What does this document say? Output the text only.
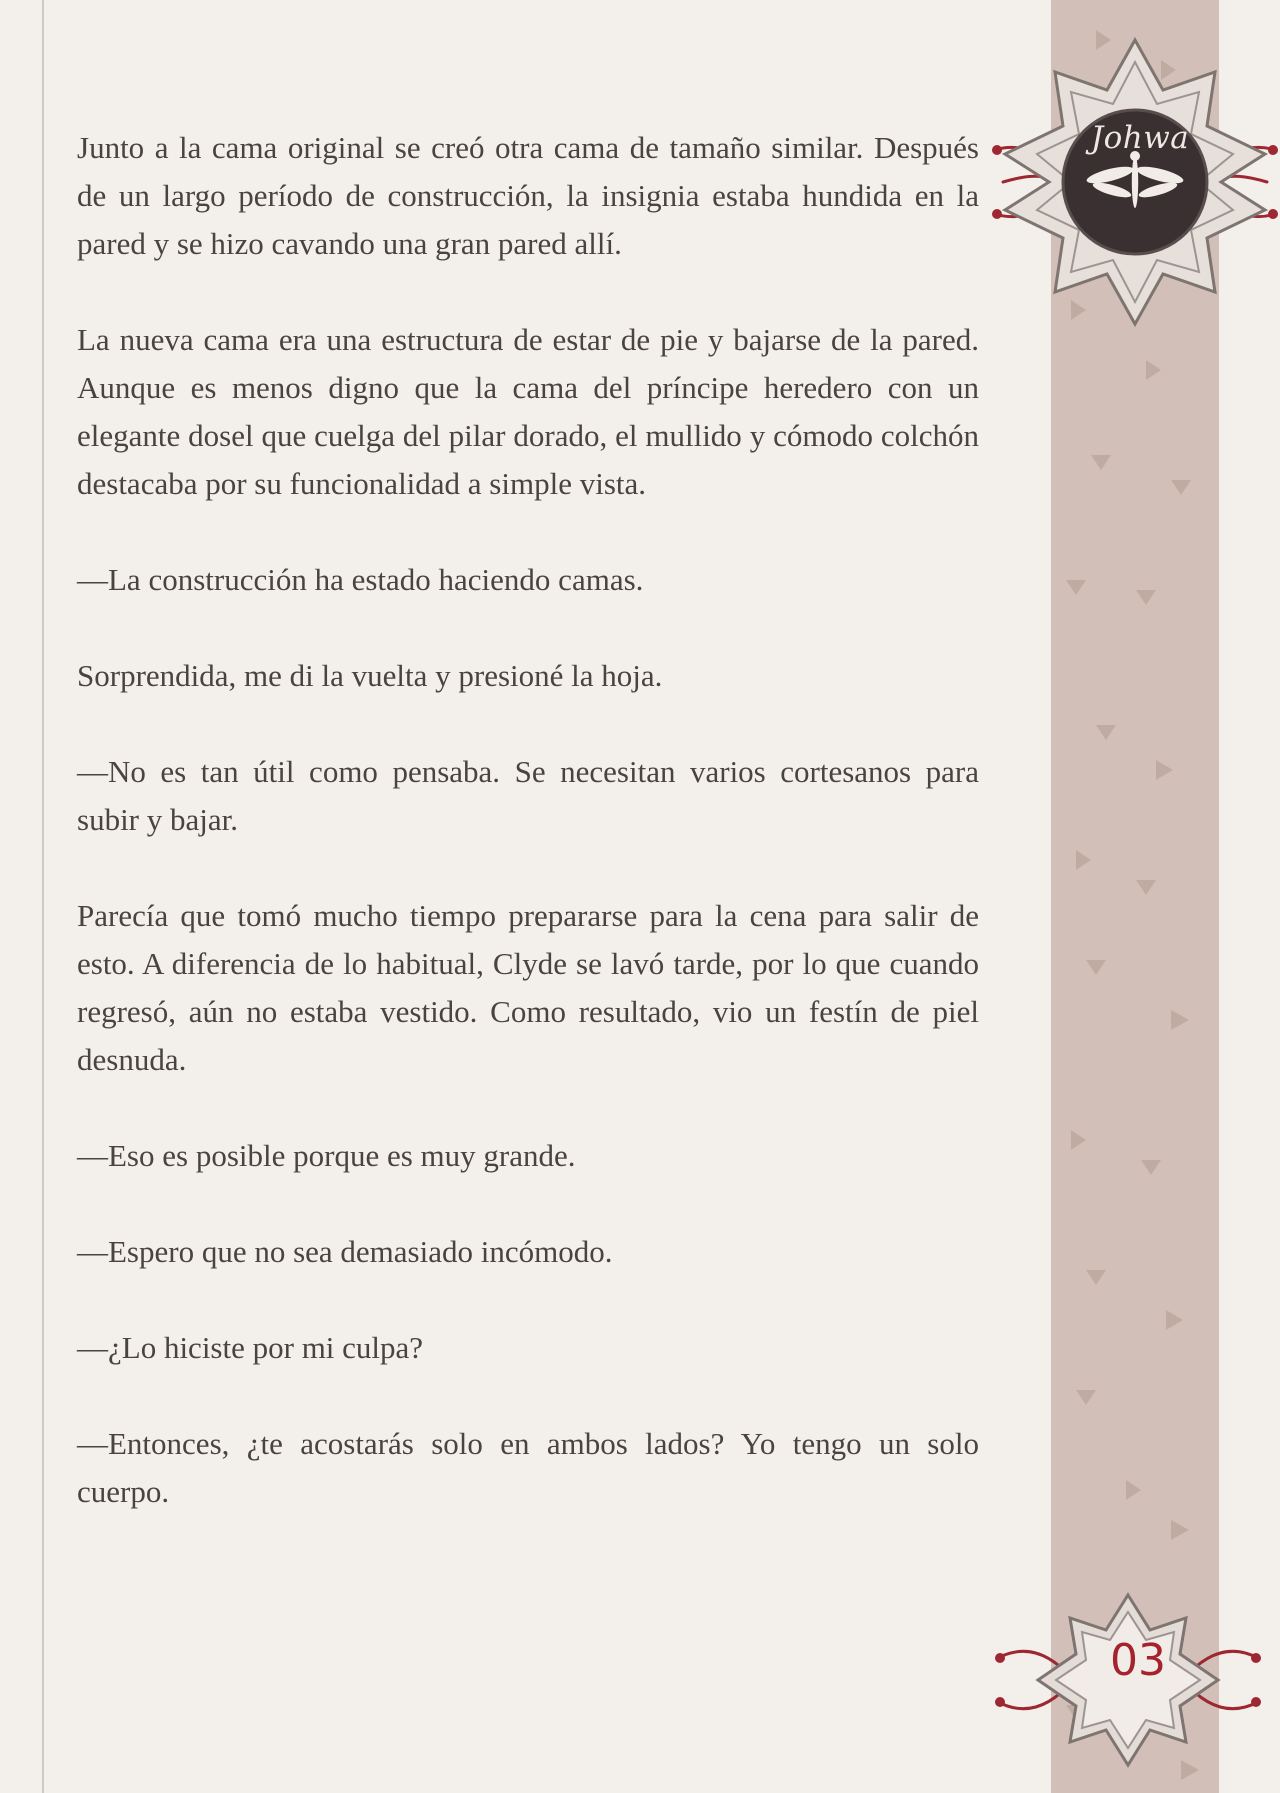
Junto a la cama original se creó otra cama de tamaño similar. Después de un largo período de construcción, la insignia estaba hundida en la pared y se hizo cavando una gran pared allí.

La nueva cama era una estructura de estar de pie y bajarse de la pared. Aunque es menos digno que la cama del príncipe heredero con un elegante dosel que cuelga del pilar dorado, el mullido y cómodo colchón destacaba por su funcionalidad a simple vista.

—La construcción ha estado haciendo camas.

Sorprendida, me di la vuelta y presioné la hoja.

—No es tan útil como pensaba. Se necesitan varios cortesanos para subir y bajar.

Parecía que tomó mucho tiempo prepararse para la cena para salir de esto. A diferencia de lo habitual, Clyde se lavó tarde, por lo que cuando regresó, aún no estaba vestido. Como resultado, vio un festín de piel desnuda.

—Eso es posible porque es muy grande.

—Espero que no sea demasiado incómodo.

—¿Lo hiciste por mi culpa?

—Entonces, ¿te acostarás solo en ambos lados? Yo tengo un solo cuerpo.

Johwa
03
